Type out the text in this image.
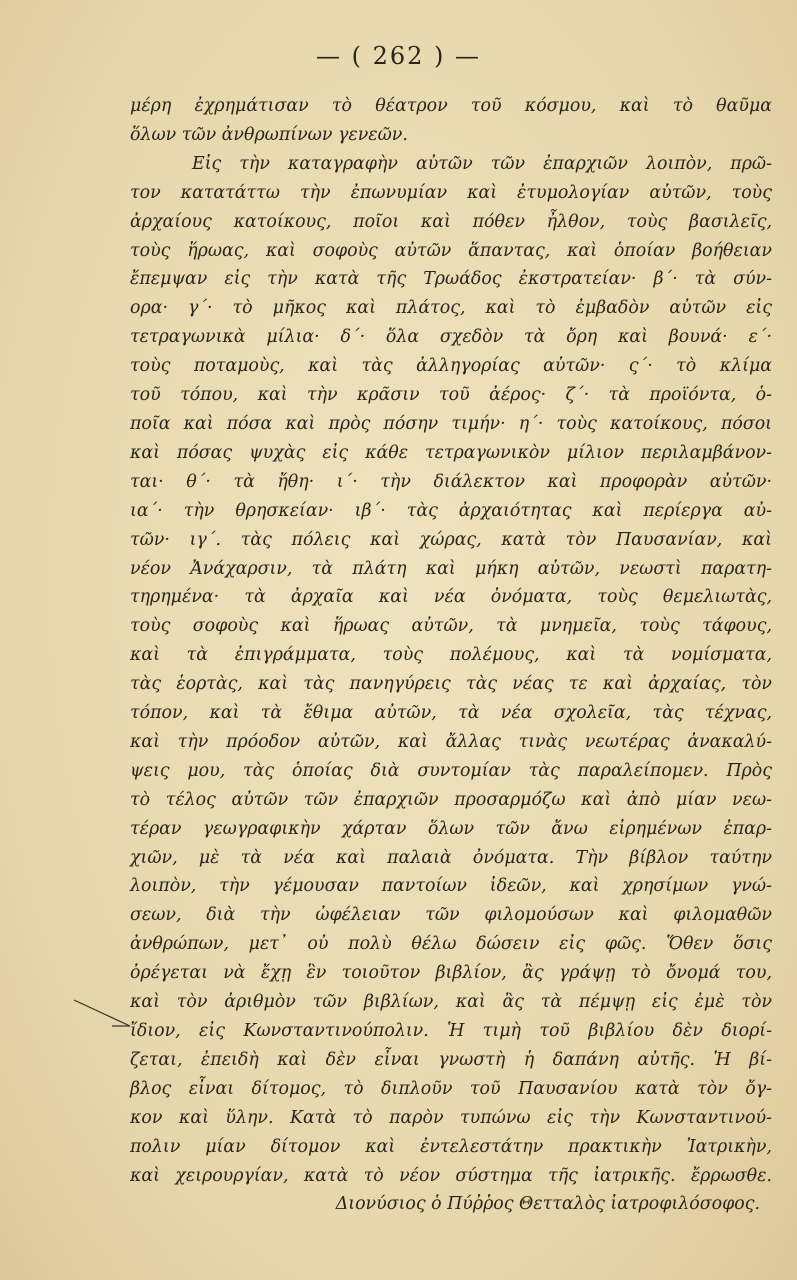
— ( 262 ) —
μέρη ἐχρημάτισαν τὸ θέατρον τοῦ κόσμου, καὶ τὸ θαῦμα
ὅλων τῶν ἀνθρωπίνων γενεῶν.
Εἰς τὴν καταγραφὴν αὐτῶν τῶν ἐπαρχιῶν λοιπὸν, πρῶ-
τον κατατάττω τὴν ἐπωνυμίαν καὶ ἐτυμολογίαν αὐτῶν, τοὺς
ἀρχαίους κατοίκους, ποῖοι καὶ πόθεν ἦλθον, τοὺς βασιλεῖς,
τοὺς ἥρωας, καὶ σοφοὺς αὐτῶν ἅπαντας, καὶ ὁποίαν βοήθειαν
ἔπεμψαν εἰς τὴν κατὰ τῆς Τρωάδος ἐκστρατείαν· β΄· τὰ σύν-
ορα· γ΄· τὸ μῆκος καὶ πλάτος, καὶ τὸ ἐμβαδὸν αὐτῶν εἰς
τετραγωνικὰ μίλια· δ΄· ὅλα σχεδὸν τὰ ὄρη καὶ βουνά· ε΄·
τοὺς ποταμοὺς, καὶ τὰς ἀλληγορίας αὐτῶν· ς΄· τὸ κλίμα
τοῦ τόπου, καὶ τὴν κρᾶσιν τοῦ ἀέρος· ζ΄· τὰ προϊόντα, ὁ-
ποῖα καὶ πόσα καὶ πρὸς πόσην τιμήν· η΄· τοὺς κατοίκους, πόσοι
καὶ πόσας ψυχὰς εἰς κάθε τετραγωνικὸν μίλιον περιλαμβάνον-
ται· θ΄· τὰ ἤθη· ι΄· τὴν διάλεκτον καὶ προφορὰν αὐτῶν·
ια΄· τὴν θρησκείαν· ιβ΄· τὰς ἀρχαιότητας καὶ περίεργα αὐ-
τῶν· ιγ΄. τὰς πόλεις καὶ χώρας, κατὰ τὸν Παυσανίαν, καὶ
νέον Ἀνάχαρσιν, τὰ πλάτη καὶ μήκη αὐτῶν, νεωστὶ παρατη-
τηρημένα· τὰ ἀρχαῖα καὶ νέα ὀνόματα, τοὺς θεμελιωτὰς,
τοὺς σοφοὺς καὶ ἥρωας αὐτῶν, τὰ μνημεῖα, τοὺς τάφους,
καὶ τὰ ἐπιγράμματα, τοὺς πολέμους, καὶ τὰ νομίσματα,
τὰς ἑορτὰς, καὶ τὰς πανηγύρεις τὰς νέας τε καὶ ἀρχαίας, τὸν
τόπον, καὶ τὰ ἔθιμα αὐτῶν, τὰ νέα σχολεῖα, τὰς τέχνας,
καὶ τὴν πρόοδον αὐτῶν, καὶ ἄλλας τινὰς νεωτέρας ἀνακαλύ-
ψεις μου, τὰς ὁποίας διὰ συντομίαν τὰς παραλείπομεν. Πρὸς
τὸ τέλος αὐτῶν τῶν ἐπαρχιῶν προσαρμόζω καὶ ἀπὸ μίαν νεω-
τέραν γεωγραφικὴν χάρταν ὅλων τῶν ἄνω εἰρημένων ἐπαρ-
χιῶν, μὲ τὰ νέα καὶ παλαιὰ ὀνόματα. Τὴν βίβλον ταύτην
λοιπὸν, τὴν γέμουσαν παντοίων ἰδεῶν, καὶ χρησίμων γνώ-
σεων, διὰ τὴν ὠφέλειαν τῶν φιλομούσων καὶ φιλομαθῶν
ἀνθρώπων, μετ᾽ οὐ πολὺ θέλω δώσειν εἰς φῶς. Ὅθεν ὅσις
ὀρέγεται νὰ ἔχῃ ἓν τοιοῦτον βιβλίον, ἂς γράψῃ τὸ ὄνομά του,
καὶ τὸν ἀριθμὸν τῶν βιβλίων, καὶ ἂς τὰ πέμψῃ εἰς ἐμὲ τὸν
ἴδιον, εἰς Κωνσταντινούπολιν. Ἡ τιμὴ τοῦ βιβλίου δὲν διορί-
ζεται, ἐπειδὴ καὶ δὲν εἶναι γνωστὴ ἡ δαπάνη αὐτῆς. Ἡ βί-
βλος εἶναι δίτομος, τὸ διπλοῦν τοῦ Παυσανίου κατὰ τὸν ὄγ-
κον καὶ ὕλην. Κατὰ τὸ παρὸν τυπώνω εἰς τὴν Κωνσταντινού-
πολιν μίαν δίτομον καὶ ἐντελεστάτην πρακτικὴν Ἰατρικὴν,
καὶ χειρουργίαν, κατὰ τὸ νέον σύστημα τῆς ἰατρικῆς. ἔρρωσθε.
Διονύσιος ὁ Πύῤῥος Θετταλὸς ἰατροφιλόσοφος.
